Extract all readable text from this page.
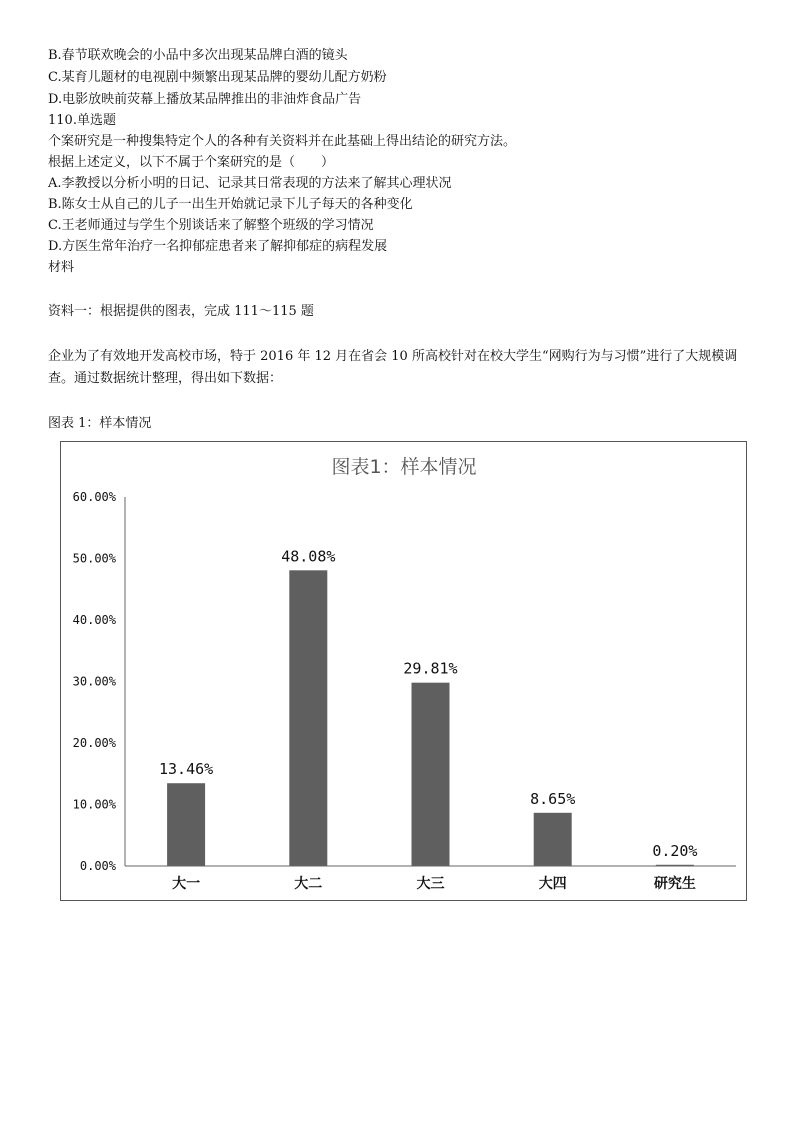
B.春节联欢晚会的小品中多次出现某品牌白酒的镜头
C.某育儿题材的电视剧中频繁出现某品牌的婴幼儿配方奶粉
D.电影放映前荧幕上播放某品牌推出的非油炸食品广告
110.单选题
个案研究是一种搜集特定个人的各种有关资料并在此基础上得出结论的研究方法。
根据上述定义，以下不属于个案研究的是（　　）
A.李教授以分析小明的日记、记录其日常表现的方法来了解其心理状况
B.陈女士从自己的儿子一出生开始就记录下儿子每天的各种变化
C.王老师通过与学生个别谈话来了解整个班级的学习情况
D.方医生常年治疗一名抑郁症患者来了解抑郁症的病程发展
材料
资料一：根据提供的图表，完成 111～115 题
企业为了有效地开发高校市场，特于 2016 年 12 月在省会 10 所高校针对在校大学生“网购行为与习惯”进行了大规模调查。通过数据统计整理，得出如下数据：
图表 1：样本情况
图表1：样本情况
0.00%
10.00%
20.00%
30.00%
40.00%
50.00%
60.00%
13.46%
48.08%
29.81%
8.65%
0.20%
大一	大二	大三	大四	研究生
